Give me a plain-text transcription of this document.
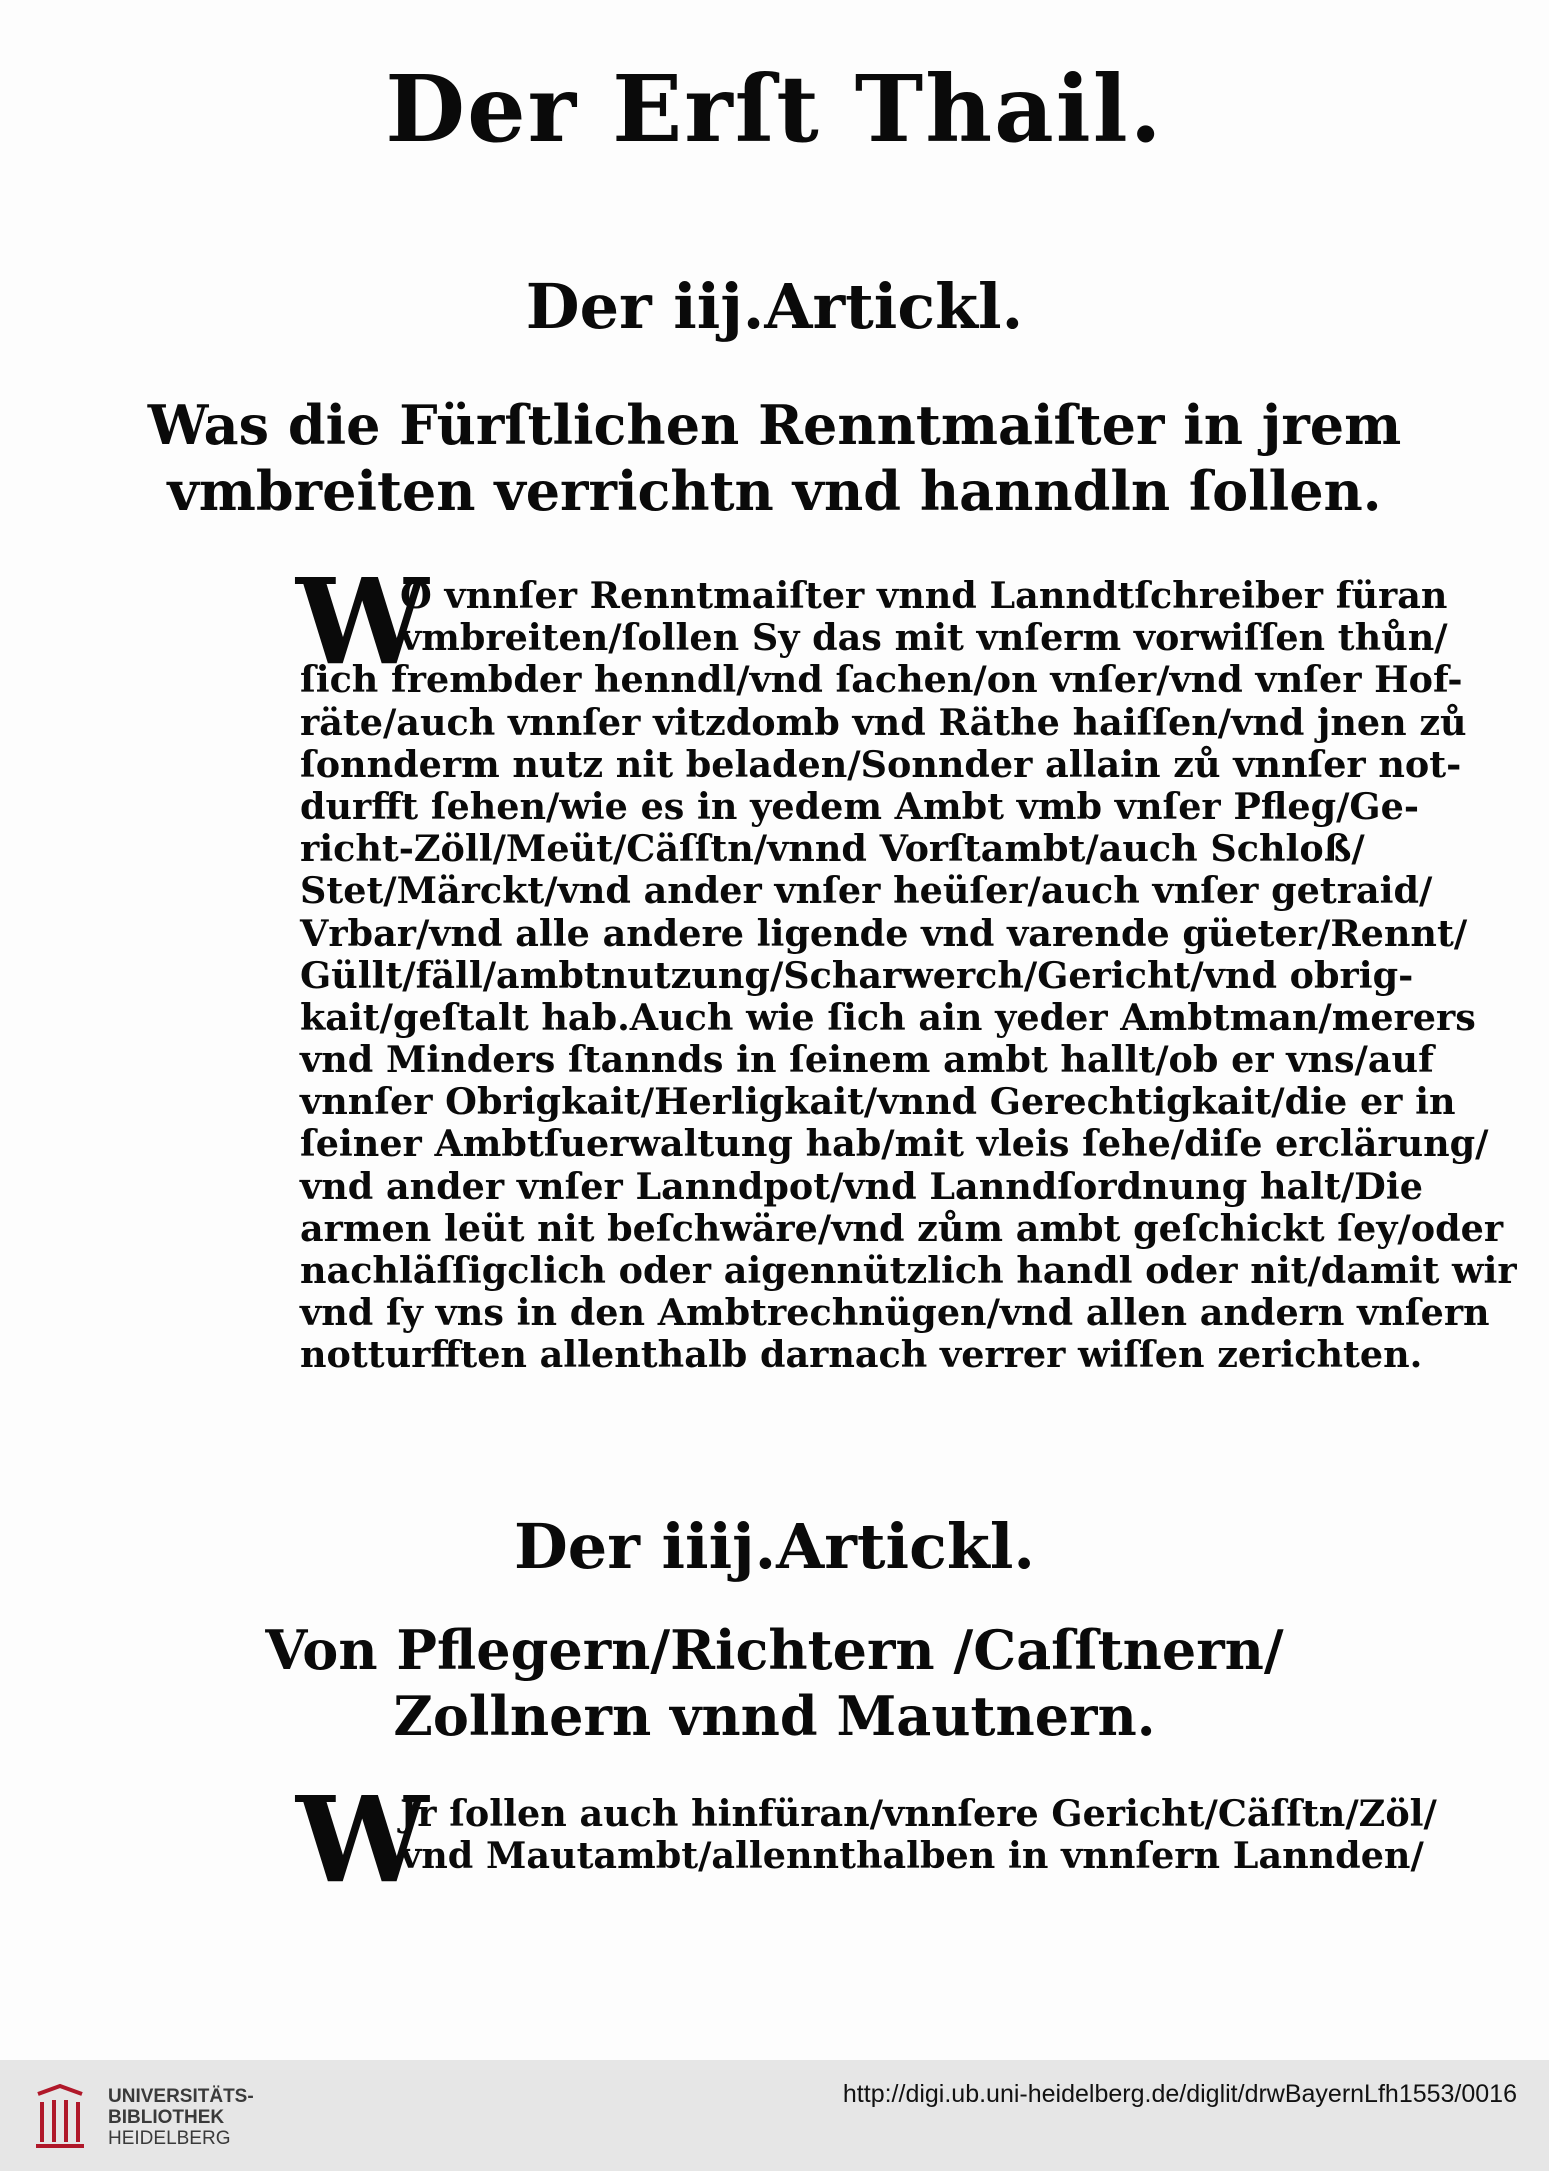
Der Erſt Thail.
Der iij.Artickl.
Was die Fürſtlichen Renntmaiſter in jrem
vmbreiten verrichtn vnd hanndln ſollen.
W
O vnnſer Renntmaiſter vnnd Lanndtſchreiber füran
vmbreiten/ſollen Sy das mit vnſerm vorwiſſen thůn/
ſich frembder henndl/vnd ſachen/on vnſer/vnd vnſer Hof-
räte/auch vnnſer vitzdomb vnd Räthe haiſſen/vnd jnen zů
ſonnderm nutz nit beladen/Sonnder allain zů vnnſer not-
durfft ſehen/wie es in yedem Ambt vmb vnſer Pfleg/Ge-
richt-Zöll/Meüt/Cäſſtn/vnnd Vorſtambt/auch Schloß/
Stet/Märckt/vnd ander vnſer heüſer/auch vnſer getraid/
Vrbar/vnd alle andere ligende vnd varende güeter/Rennt/
Güllt/fäll/ambtnutzung/Scharwerch/Gericht/vnd obrig-
kait/geſtalt hab.Auch wie ſich ain yeder Ambtman/merers
vnd Minders ſtannds in ſeinem ambt hallt/ob er vns/auf
vnnſer Obrigkait/Herligkait/vnnd Gerechtigkait/die er in
ſeiner Ambtſuerwaltung hab/mit vleis ſehe/diſe erclärung/
vnd ander vnſer Lanndpot/vnd Lanndſordnung halt/Die
armen leüt nit beſchwäre/vnd zům ambt geſchickt ſey/oder
nachläſſigclich oder aigennützlich handl oder nit/damit wir
vnd ſy vns in den Ambtrechnügen/vnd allen andern vnſern
notturfften allenthalb darnach verrer wiſſen zerichten.
Der iiij.Artickl.
Von Pflegern/Richtern /Caſſtnern/
Zollnern vnnd Mautnern.
W
Jr ſollen auch hinfüran/vnnſere Gericht/Cäſſtn/Zöl/
vnd Mautambt/allennthalben in vnnſern Lannden/
UNIVERSITÄTS-
BIBLIOTHEK
HEIDELBERG
http://digi.ub.uni-heidelberg.de/diglit/drwBayernLfh1553/0016
